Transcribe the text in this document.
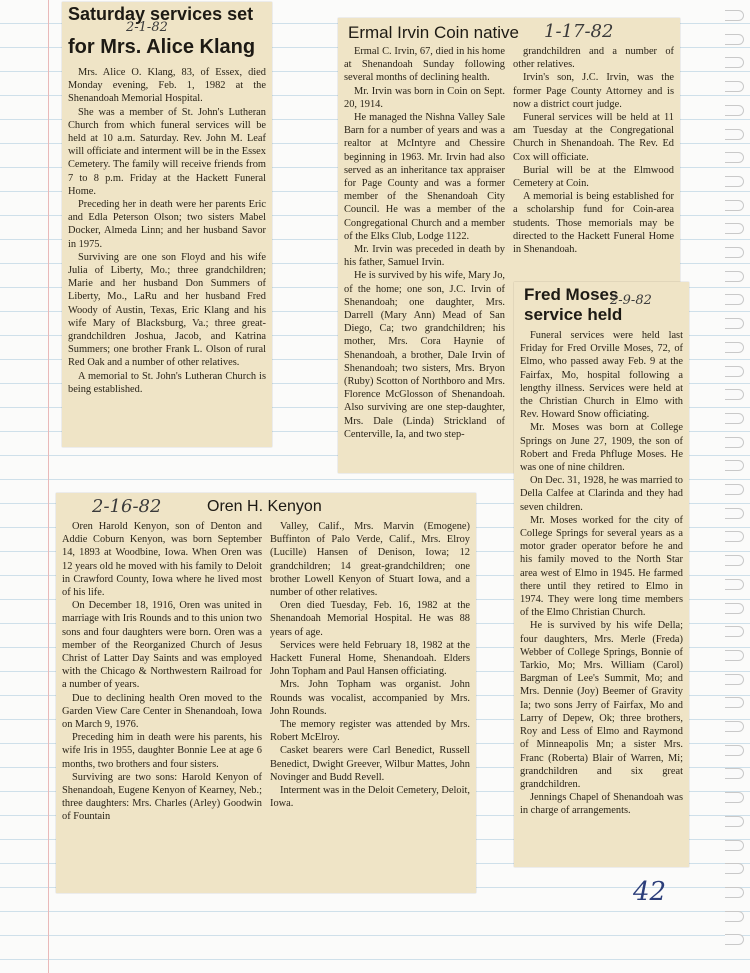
Saturday services set
2-1-82
for Mrs. Alice Klang

Mrs. Alice O. Klang, 83, of Essex, died Monday evening, Feb. 1, 1982 at the Shenandoah Memorial Hospital.

She was a member of St. John's Lutheran Church from which funeral services will be held at 10 a.m. Saturday. Rev. John M. Leaf will officiate and interment will be in the Essex Cemetery. The family will receive friends from 7 to 8 p.m. Friday at the Hackett Funeral Home.

Preceding her in death were her parents Eric and Edla Peterson Olson; two sisters Mabel Docker, Almeda Linn; and her husband Savor in 1975.

Surviving are one son Floyd and his wife Julia of Liberty, Mo.; three grandchildren; Marie and her husband Don Summers of Liberty, Mo., LaRu and her husband Fred Woody of Austin, Texas, Eric Klang and his wife Mary of Blacksburg, Va.; three great-grandchildren Joshua, Jacob, and Katrina Summers; one brother Frank L. Olson of rural Red Oak and a number of other relatives.

A memorial to St. John's Lutheran Church is being established.

Ermal Irvin Coin native 1-17-82

Ermal C. Irvin, 67, died in his home at Shenandoah Sunday following several months of declining health.

Mr. Irvin was born in Coin on Sept. 20, 1914.

He managed the Nishna Valley Sale Barn for a number of years and was a realtor at McIntyre and Chessire beginning in 1963. Mr. Irvin had also served as an inheritance tax appraiser for Page County and was a former member of the Shenandoah City Council. He was a member of the Congregational Church and a member of the Elks Club, Lodge 1122.

Mr. Irvin was preceded in death by his father, Samuel Irvin.

He is survived by his wife, Mary Jo, of the home; one son, J.C. Irvin of Shenandoah; one daughter, Mrs. Darrell (Mary Ann) Mead of San Diego, Ca; two grandchildren; his mother, Mrs. Cora Haynie of Shenandoah, a brother, Dale Irvin of Shenandoah; two sisters, Mrs. Bryon (Ruby) Scotton of Northboro and Mrs. Florence McGlosson of Shenandoah. Also surviving are one step-daughter, Mrs. Dale (Linda) Strickland of Centerville, Ia, and two step-

grandchildren and a number of other relatives.

Irvin's son, J.C. Irvin, was the former Page County Attorney and is now a district court judge.

Funeral services will be held at 11 am Tuesday at the Congregational Church in Shenandoah. The Rev. Ed Cox will officiate.

Burial will be at the Elmwood Cemetery at Coin.

A memorial is being established for a scholarship fund for Coin-area students. Those memorials may be directed to the Hackett Funeral Home in Shenandoah.

Fred Moses
2-9-82
service held

Funeral services were held last Friday for Fred Orville Moses, 72, of Elmo, who passed away Feb. 9 at the Fairfax, Mo, hospital following a lengthy illness. Services were held at the Christian Church in Elmo with Rev. Howard Snow officiating.

Mr. Moses was born at College Springs on June 27, 1909, the son of Robert and Freda Phfluge Moses. He was one of nine children.

On Dec. 31, 1928, he was married to Della Calfee at Clarinda and they had seven children.

Mr. Moses worked for the city of College Springs for several years as a motor grader operator before he and his family moved to the North Star area west of Elmo in 1945. He farmed there until they retired to Elmo in 1974. They were long time members of the Elmo Christian Church.

He is survived by his wife Della; four daughters, Mrs. Merle (Freda) Webber of College Springs, Bonnie of Tarkio, Mo; Mrs. William (Carol) Bargman of Lee's Summit, Mo; and Mrs. Dennie (Joy) Beemer of Gravity Ia; two sons Jerry of Fairfax, Mo and Larry of Depew, Ok; three brothers, Roy and Less of Elmo and Raymond of Minneapolis Mn; a sister Mrs. Franc (Roberta) Blair of Warren, Mi; grandchildren and six great grandchildren.

Jennings Chapel of Shenandoah was in charge of arrangements.

2-16-82	Oren H. Kenyon

Oren Harold Kenyon, son of Denton and Addie Coburn Kenyon, was born September 14, 1893 at Woodbine, Iowa. When Oren was 12 years old he moved with his family to Deloit in Crawford County, Iowa where he lived most of his life.

On December 18, 1916, Oren was united in marriage with Iris Rounds and to this union two sons and four daughters were born. Oren was a member of the Reorganized Church of Jesus Christ of Latter Day Saints and was employed with the Chicago & Northwestern Railroad for a number of years.

Due to declining health Oren moved to the Garden View Care Center in Shenandoah, Iowa on March 9, 1976.

Preceding him in death were his parents, his wife Iris in 1955, daughter Bonnie Lee at age 6 months, two brothers and four sisters.

Surviving are two sons: Harold Kenyon of Shenandoah, Eugene Kenyon of Kearney, Neb.; three daughters: Mrs. Charles (Arley) Goodwin of Fountain

Valley, Calif., Mrs. Marvin (Emogene) Buffinton of Palo Verde, Calif., Mrs. Elroy (Lucille) Hansen of Denison, Iowa; 12 grandchildren; 14 great-grandchildren; one brother Lowell Kenyon of Stuart Iowa, and a number of other relatives.

Oren died Tuesday, Feb. 16, 1982 at the Shenandoah Memorial Hospital. He was 88 years of age.

Services were held February 18, 1982 at the Hackett Funeral Home, Shenandoah. Elders John Topham and Paul Hansen officiating.

Mrs. John Topham was organist. John Rounds was vocalist, accompanied by Mrs. John Rounds.

The memory register was attended by Mrs. Robert McElroy.

Casket bearers were Carl Benedict, Russell Benedict, Dwight Greever, Wilbur Mattes, John Novinger and Budd Revell.

Interment was in the Deloit Cemetery, Deloit, Iowa.

42
